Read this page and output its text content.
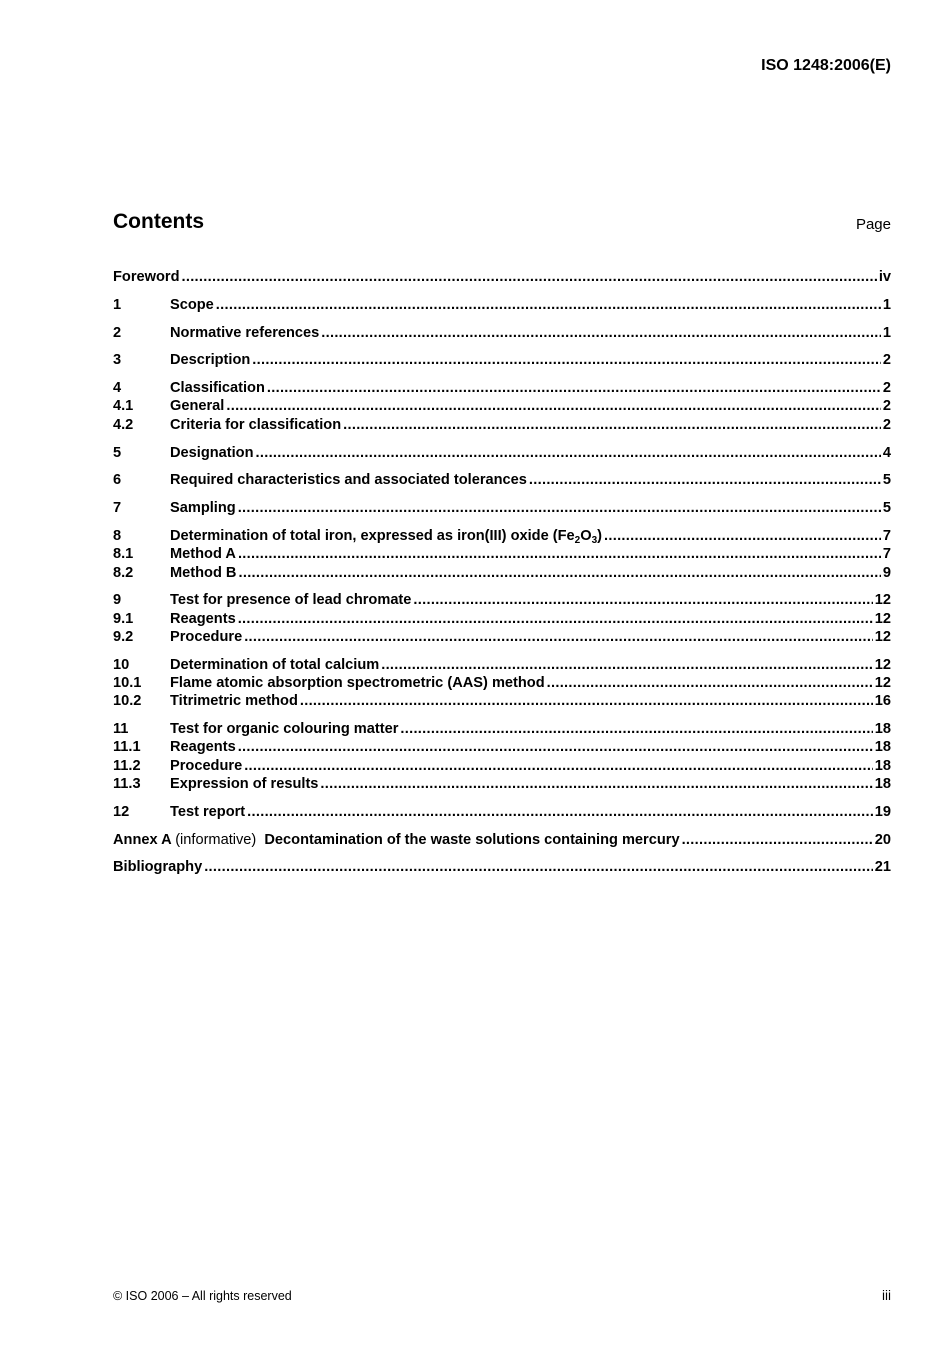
ISO 1248:2006(E)
Contents	Page
Foreword .....	iv
1	Scope .....	1
2	Normative references .....	1
3	Description .....	2
4	Classification .....	2
4.1	General .....	2
4.2	Criteria for classification .....	2
5	Designation .....	4
6	Required characteristics and associated tolerances .....	5
7	Sampling .....	5
8	Determination of total iron, expressed as iron(III) oxide $(Fe_2O_3)$ .....	7
8.1	Method A .....	7
8.2	Method B .....	9
9	Test for presence of lead chromate .....	12
9.1	Reagents .....	12
9.2	Procedure .....	12
10	Determination of total calcium .....	12
10.1	Flame atomic absorption spectrometric (AAS) method .....	12
10.2	Titrimetric method .....	16
11	Test for organic colouring matter .....	18
11.1	Reagents .....	18
11.2	Procedure .....	18
11.3	Expression of results .....	18
12	Test report .....	19
Annex A (informative) Decontamination of the waste solutions containing mercury .....	20
Bibliography .....	21
© ISO 2006 – All rights reserved	iii
